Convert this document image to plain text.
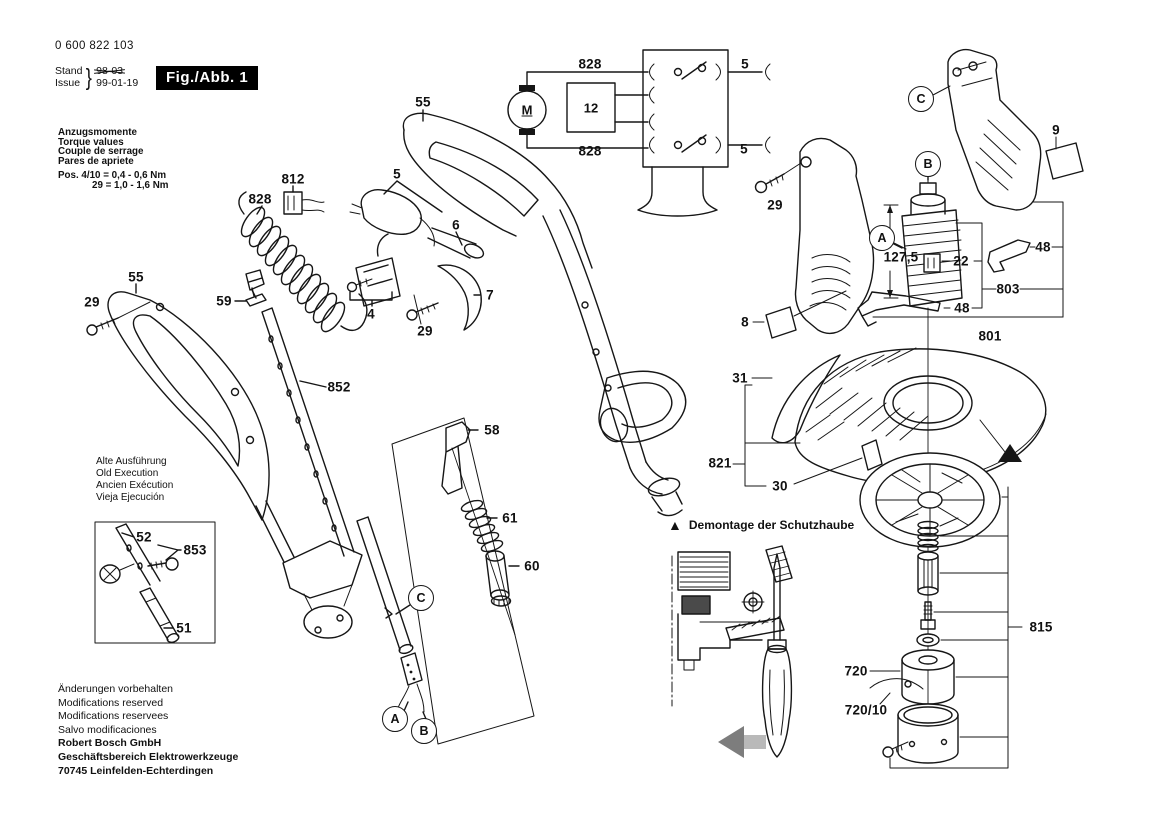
0 600 822 103
Stand
Issue } 98-03
99-01-19	Fig./Abb. 1
Anzugsmomente
Torque values
Couple de serrage
Pares de apriete
Pos. 4/10 = 0,4 - 0,6 Nm
29 = 1,0 - 1,6 Nm
Alte Ausführung
Old Execution
Ancien Exécution
Vieja Ejecución
Änderungen vorbehalten
Modifications reserved
Modifications reservees
Salvo modificaciones
Robert Bosch GmbH
Geschäftsbereich Elektrowerkzeuge
70745 Leinfelden-Echterdingen
▲ Demontage der Schutzhaube
M	12
828	5
828	5
55
812
828
5
6
7
59
4
29
55
29
852
58
61
60
29
8
9
127,5	22
48
803
48
801
31
821
30
815
720
720/10
52
853
51
C
B
A
C
A
B
